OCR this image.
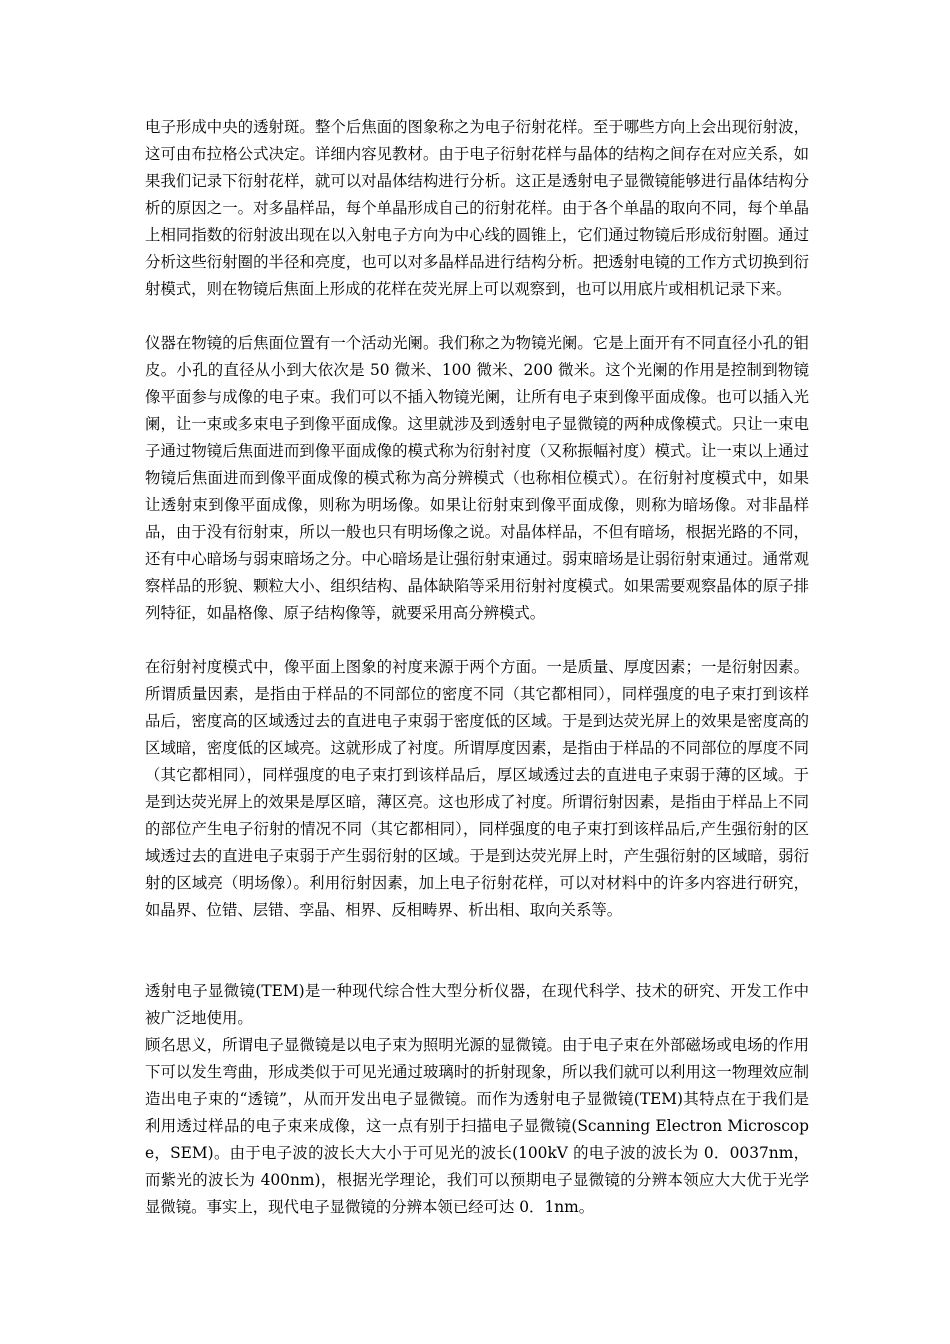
电子形成中央的透射斑。整个后焦面的图象称之为电子衍射花样。至于哪些方向上会出现衍射波，这可由布拉格公式决定。详细内容见教材。由于电子衍射花样与晶体的结构之间存在对应关系，如果我们记录下衍射花样，就可以对晶体结构进行分析。这正是透射电子显微镜能够进行晶体结构分析的原因之一。对多晶样品，每个单晶形成自己的衍射花样。由于各个单晶的取向不同，每个单晶上相同指数的衍射波出现在以入射电子方向为中心线的圆锥上，它们通过物镜后形成衍射圈。通过分析这些衍射圈的半径和亮度，也可以对多晶样品进行结构分析。把透射电镜的工作方式切换到衍射模式，则在物镜后焦面上形成的花样在荧光屏上可以观察到，也可以用底片或相机记录下来。

仪器在物镜的后焦面位置有一个活动光阑。我们称之为物镜光阑。它是上面开有不同直径小孔的钼皮。小孔的直径从小到大依次是 50 微米、100 微米、200 微米。这个光阑的作用是控制到物镜像平面参与成像的电子束。我们可以不插入物镜光阑，让所有电子束到像平面成像。也可以插入光阑，让一束或多束电子到像平面成像。这里就涉及到透射电子显微镜的两种成像模式。只让一束电子通过物镜后焦面进而到像平面成像的模式称为衍射衬度（又称振幅衬度）模式。让一束以上通过物镜后焦面进而到像平面成像的模式称为高分辨模式（也称相位模式）。在衍射衬度模式中，如果让透射束到像平面成像，则称为明场像。如果让衍射束到像平面成像，则称为暗场像。对非晶样品，由于没有衍射束，所以一般也只有明场像之说。对晶体样品，不但有暗场，根据光路的不同，还有中心暗场与弱束暗场之分。中心暗场是让强衍射束通过。弱束暗场是让弱衍射束通过。通常观察样品的形貌、颗粒大小、组织结构、晶体缺陷等采用衍射衬度模式。如果需要观察晶体的原子排列特征，如晶格像、原子结构像等，就要采用高分辨模式。

在衍射衬度模式中，像平面上图象的衬度来源于两个方面。一是质量、厚度因素；一是衍射因素。所谓质量因素，是指由于样品的不同部位的密度不同（其它都相同），同样强度的电子束打到该样品后，密度高的区域透过去的直进电子束弱于密度低的区域。于是到达荧光屏上的效果是密度高的区域暗，密度低的区域亮。这就形成了衬度。所谓厚度因素，是指由于样品的不同部位的厚度不同（其它都相同），同样强度的电子束打到该样品后，厚区域透过去的直进电子束弱于薄的区域。于是到达荧光屏上的效果是厚区暗，薄区亮。这也形成了衬度。所谓衍射因素，是指由于样品上不同的部位产生电子衍射的情况不同（其它都相同），同样强度的电子束打到该样品后,产生强衍射的区域透过去的直进电子束弱于产生弱衍射的区域。于是到达荧光屏上时，产生强衍射的区域暗，弱衍射的区域亮（明场像）。利用衍射因素，加上电子衍射花样，可以对材料中的许多内容进行研究，如晶界、位错、层错、孪晶、相界、反相畴界、析出相、取向关系等。

透射电子显微镜(TEM)是一种现代综合性大型分析仪器，在现代科学、技术的研究、开发工作中被广泛地使用。

顾名思义，所谓电子显微镜是以电子束为照明光源的显微镜。由于电子束在外部磁场或电场的作用下可以发生弯曲，形成类似于可见光通过玻璃时的折射现象，所以我们就可以利用这一物理效应制造出电子束的“透镜”，从而开发出电子显微镜。而作为透射电子显微镜(TEM)其特点在于我们是利用透过样品的电子束来成像，这一点有别于扫描电子显微镜(Scanning Electron Microscope，SEM)。由于电子波的波长大大小于可见光的波长(100kV 的电子波的波长为 0．0037nm，而紫光的波长为 400nm)，根据光学理论，我们可以预期电子显微镜的分辨本领应大大优于光学显微镜。事实上，现代电子显微镜的分辨本领已经可达 0．1nm。
